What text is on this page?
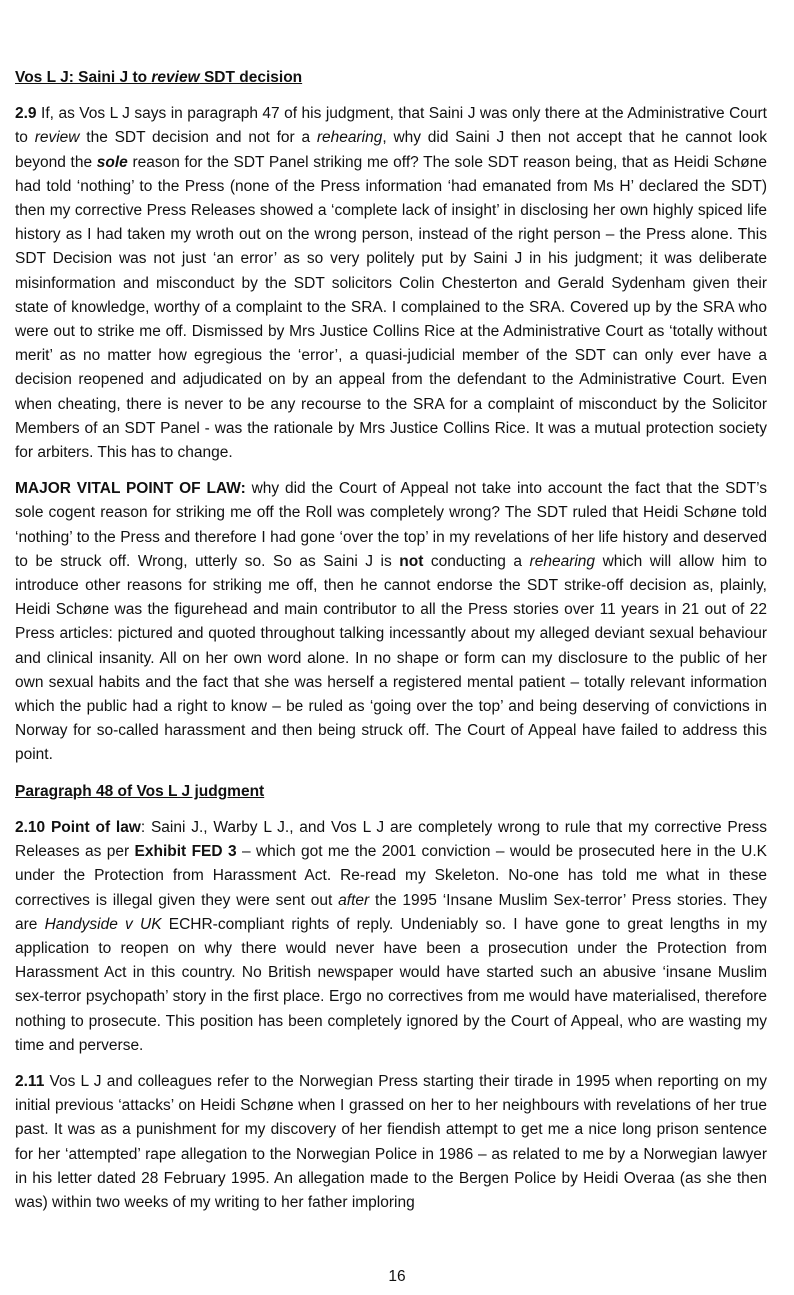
Vos L J: Saini J to review SDT decision

2.9 If, as Vos L J says in paragraph 47 of his judgment, that Saini J was only there at the Administrative Court to review the SDT decision and not for a rehearing, why did Saini J then not accept that he cannot look beyond the sole reason for the SDT Panel striking me off? The sole SDT reason being, that as Heidi Schøne had told ‘nothing’ to the Press (none of the Press information ‘had emanated from Ms H’ declared the SDT) then my corrective Press Releases showed a ‘complete lack of insight’ in disclosing her own highly spiced life history as I had taken my wroth out on the wrong person, instead of the right person – the Press alone. This SDT Decision was not just ‘an error’ as so very politely put by Saini J in his judgment; it was deliberate misinformation and misconduct by the SDT solicitors Colin Chesterton and Gerald Sydenham given their state of knowledge, worthy of a complaint to the SRA. I complained to the SRA. Covered up by the SRA who were out to strike me off. Dismissed by Mrs Justice Collins Rice at the Administrative Court as ‘totally without merit’ as no matter how egregious the ‘error’, a quasi-judicial member of the SDT can only ever have a decision reopened and adjudicated on by an appeal from the defendant to the Administrative Court. Even when cheating, there is never to be any recourse to the SRA for a complaint of misconduct by the Solicitor Members of an SDT Panel - was the rationale by Mrs Justice Collins Rice. It was a mutual protection society for arbiters. This has to change.

MAJOR VITAL POINT OF LAW: why did the Court of Appeal not take into account the fact that the SDT’s sole cogent reason for striking me off the Roll was completely wrong? The SDT ruled that Heidi Schøne told ‘nothing’ to the Press and therefore I had gone ‘over the top’ in my revelations of her life history and deserved to be struck off. Wrong, utterly so. So as Saini J is not conducting a rehearing which will allow him to introduce other reasons for striking me off, then he cannot endorse the SDT strike-off decision as, plainly, Heidi Schøne was the figurehead and main contributor to all the Press stories over 11 years in 21 out of 22 Press articles: pictured and quoted throughout talking incessantly about my alleged deviant sexual behaviour and clinical insanity. All on her own word alone. In no shape or form can my disclosure to the public of her own sexual habits and the fact that she was herself a registered mental patient – totally relevant information which the public had a right to know – be ruled as ‘going over the top’ and being deserving of convictions in Norway for so-called harassment and then being struck off. The Court of Appeal have failed to address this point.

Paragraph 48 of Vos L J judgment

2.10 Point of law: Saini J., Warby L J., and Vos L J are completely wrong to rule that my corrective Press Releases as per Exhibit FED 3 – which got me the 2001 conviction – would be prosecuted here in the U.K under the Protection from Harassment Act. Re-read my Skeleton. No-one has told me what in these correctives is illegal given they were sent out after the 1995 ‘Insane Muslim Sex-terror’ Press stories. They are Handyside v UK ECHR-compliant rights of reply. Undeniably so. I have gone to great lengths in my application to reopen on why there would never have been a prosecution under the Protection from Harassment Act in this country. No British newspaper would have started such an abusive ‘insane Muslim sex-terror psychopath’ story in the first place. Ergo no correctives from me would have materialised, therefore nothing to prosecute. This position has been completely ignored by the Court of Appeal, who are wasting my time and perverse.

2.11 Vos L J and colleagues refer to the Norwegian Press starting their tirade in 1995 when reporting on my initial previous ‘attacks’ on Heidi Schøne when I grassed on her to her neighbours with revelations of her true past. It was as a punishment for my discovery of her fiendish attempt to get me a nice long prison sentence for her ‘attempted’ rape allegation to the Norwegian Police in 1986 – as related to me by a Norwegian lawyer in his letter dated 28 February 1995. An allegation made to the Bergen Police by Heidi Overaa (as she then was) within two weeks of my writing to her father imploring

16
